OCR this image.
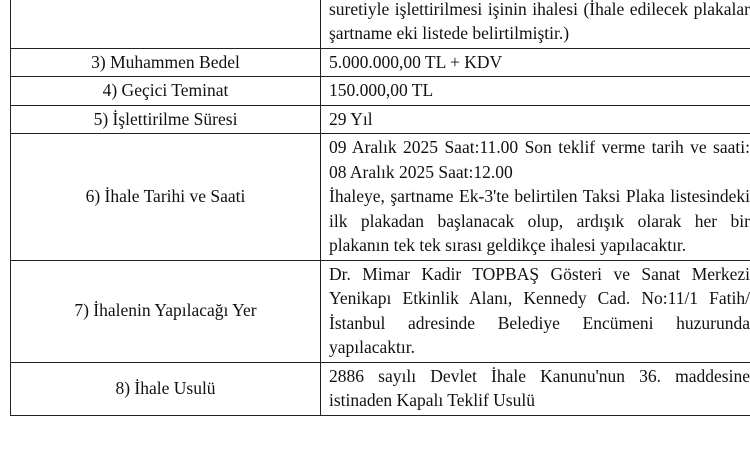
	suretiyle işlettirilmesi işinin ihalesi (İhale edilecek plakalar şartname eki listede belirtilmiştir.)

3) Muhammen Bedel	5.000.000,00 TL + KDV

4) Geçici Teminat	150.000,00 TL

5) İşlettirilme Süresi	29 Yıl

6) İhale Tarihi ve Saati	09 Aralık 2025 Saat:11.00 Son teklif verme tarih ve saati: 08 Aralık 2025 Saat:12.00
İhaleye, şartname Ek-3'te belirtilen Taksi Plaka listesindeki ilk plakadan başlanacak olup, ardışık olarak her bir plakanın tek tek sırası geldikçe ihalesi yapılacaktır.

7) İhalenin Yapılacağı Yer	Dr. Mimar Kadir TOPBAŞ Gösteri ve Sanat Merkezi Yenikapı Etkinlik Alanı, Kennedy Cad. No:11/1 Fatih/İstanbul adresinde Belediye Encümeni huzurunda yapılacaktır.

8) İhale Usulü	2886 sayılı Devlet İhale Kanunu'nun 36. maddesine istinaden Kapalı Teklif Usulü
